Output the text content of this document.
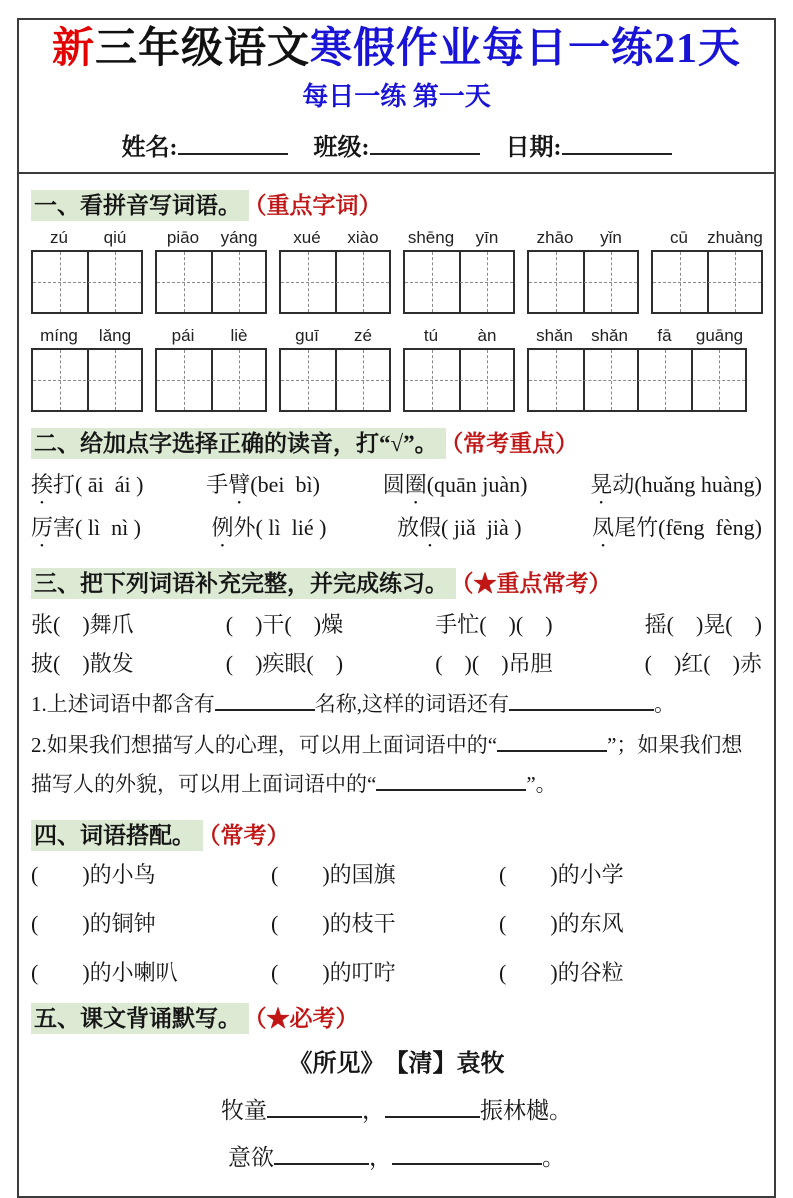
新三年级语文寒假作业每日一练21天
每日一练 第一天
姓名:	班级:	日期:
一、看拼音写词语。 （重点字词）
zú	qiú	piāo	yáng	xué	xiào	shēng	yīn	zhāo	yǐn	cū	zhuàng
míng	lǎng	pái	liè	guī	zé	tú	àn	shǎn	shǎn	fā	guāng
二、给加点字选择正确的读音，打“√”。 （常考重点）
挨打( āi  ái )	手臂(bei  bì)	圆圈(quān juàn)	晃动(huǎng huàng)
厉害( lì  nì )	例外( lì  lié )	放假( jiǎ  jià )	凤尾竹(fēng  fèng)
三、把下列词语补充完整，并完成练习。 （★重点常考）
张(    )舞爪	(    )干(    )燥	手忙(    )(    )	摇(    )晃(    )
披(    )散发	(    )疾眼(    )	(    )(    )吊胆	(    )红(    )赤

1.上述词语中都含有	名称,这样的词语还有	。

2.如果我们想描写人的心理，可以用上面词语中的“	”；如果我们想描写人的外貌，可以用上面词语中的“	”。

四、词语搭配。 （常考）
(        )的小鸟	(        )的国旗	(        )的小学
(        )的铜钟	(        )的枝干	(        )的东风
(        )的小喇叭	(        )的叮咛	(        )的谷粒
五、课文背诵默写。 （★必考）
《所见》　【清】袁牧
牧童	，	振林樾。
意欲	，	。
